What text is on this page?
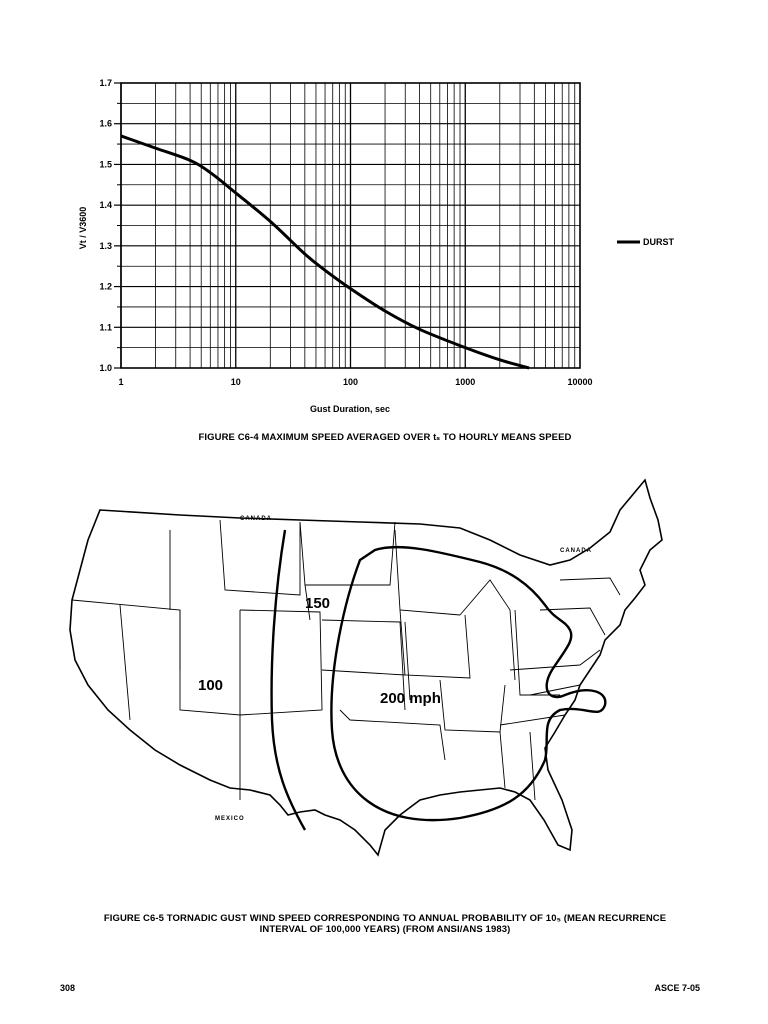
1.0
1.1
1.2
1.3
1.4
1.5
1.6
1.7
1	10	100	1000	10000
Vt / V3600
Gust Duration, sec
DURST
FIGURE C6-4 MAXIMUM SPEED AVERAGED OVER tₛ TO HOURLY MEANS SPEED
100
150
200 mph
CANADA
CANADA
MEXICO
FIGURE C6-5 TORNADIC GUST WIND SPEED CORRESPONDING TO ANNUAL PROBABILITY OF 10₅ (MEAN RECURRENCE
INTERVAL OF 100,000 YEARS) (FROM ANSI/ANS 1983)
308	ASCE 7-05
